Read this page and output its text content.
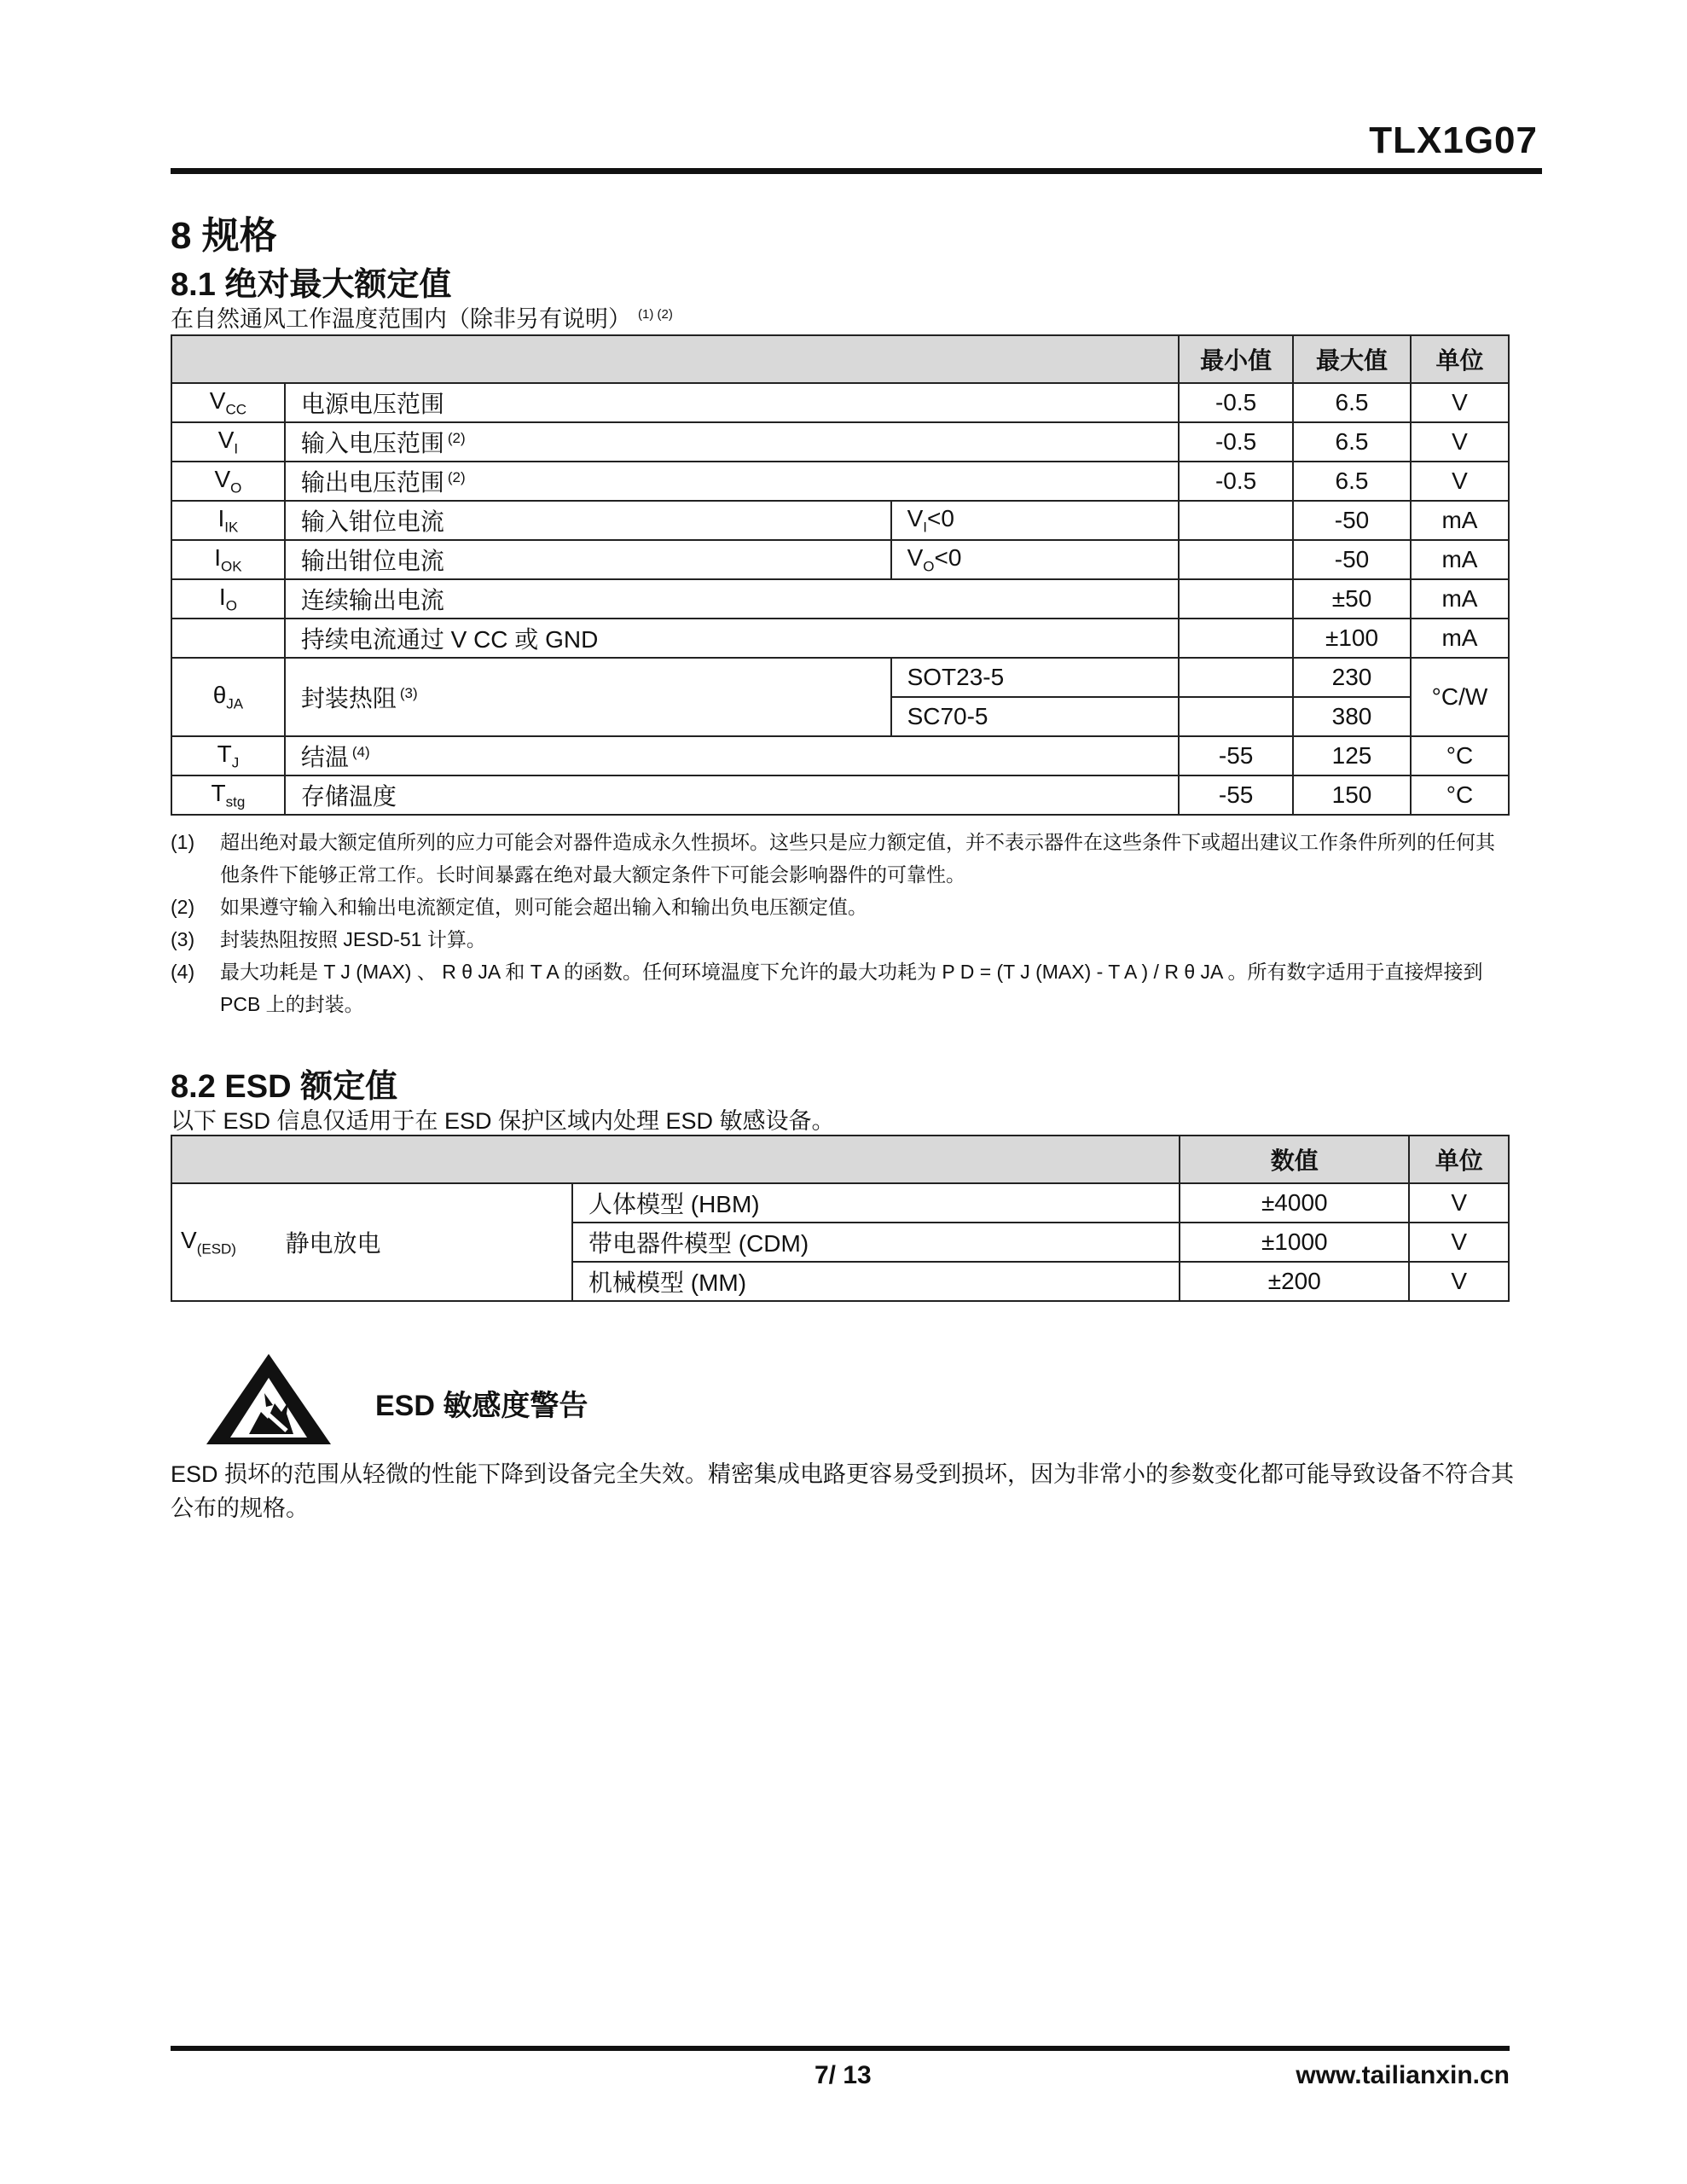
TLX1G07
8 规格
8.1 绝对最大额定值
在自然通风工作温度范围内（除非另有说明） $^{(1) (2)}$
			最小值	最大值	单位
$V_{CC}$	电源电压范围		-0.5	6.5	V
$V_I$	输入电压范围 $^{(2)}$		-0.5	6.5	V
$V_O$	输出电压范围 $^{(2)}$		-0.5	6.5	V
$I_{IK}$	输入钳位电流	$V_I<0$		-50	mA
$I_{OK}$	输出钳位电流	$V_O<0$		-50	mA
$I_O$	连续输出电流			±50	mA
	持续电流通过 V CC 或 GND			±100	mA
$\theta_{JA}$	封装热阻 $^{(3)}$	SOT23-5		230	°C/W
		SC70-5		380	
$T_J$	结温 $^{(4)}$		-55	125	°C
$T_{stg}$	存储温度		-55	150	°C
(1)	超出绝对最大额定值所列的应力可能会对器件造成永久性损坏。这些只是应力额定值，并不表示器件在这些条件下或超出建议工作条件所列的任何其他条件下能够正常工作。长时间暴露在绝对最大额定条件下可能会影响器件的可靠性。
(2)	如果遵守输入和输出电流额定值，则可能会超出输入和输出负电压额定值。
(3)	封装热阻按照 JESD-51 计算。
(4)	最大功耗是 T J (MAX) 、 R θ JA 和 T A 的函数。任何环境温度下允许的最大功耗为 P D = (T J (MAX) - T A ) / R θ JA 。所有数字适用于直接焊接到 PCB 上的封装。
8.2 ESD 额定值
以下 ESD 信息仅适用于在 ESD 保护区域内处理 ESD 敏感设备。
			数值	单位
$V_{(ESD)}$	静电放电	人体模型 (HBM)	±4000	V
		带电器件模型 (CDM)	±1000	V
		机械模型 (MM)	±200	V
ESD 敏感度警告
ESD 损坏的范围从轻微的性能下降到设备完全失效。精密集成电路更容易受到损坏，因为非常小的参数变化都可能导致设备不符合其公布的规格。
7/ 13	www.tailianxin.cn
